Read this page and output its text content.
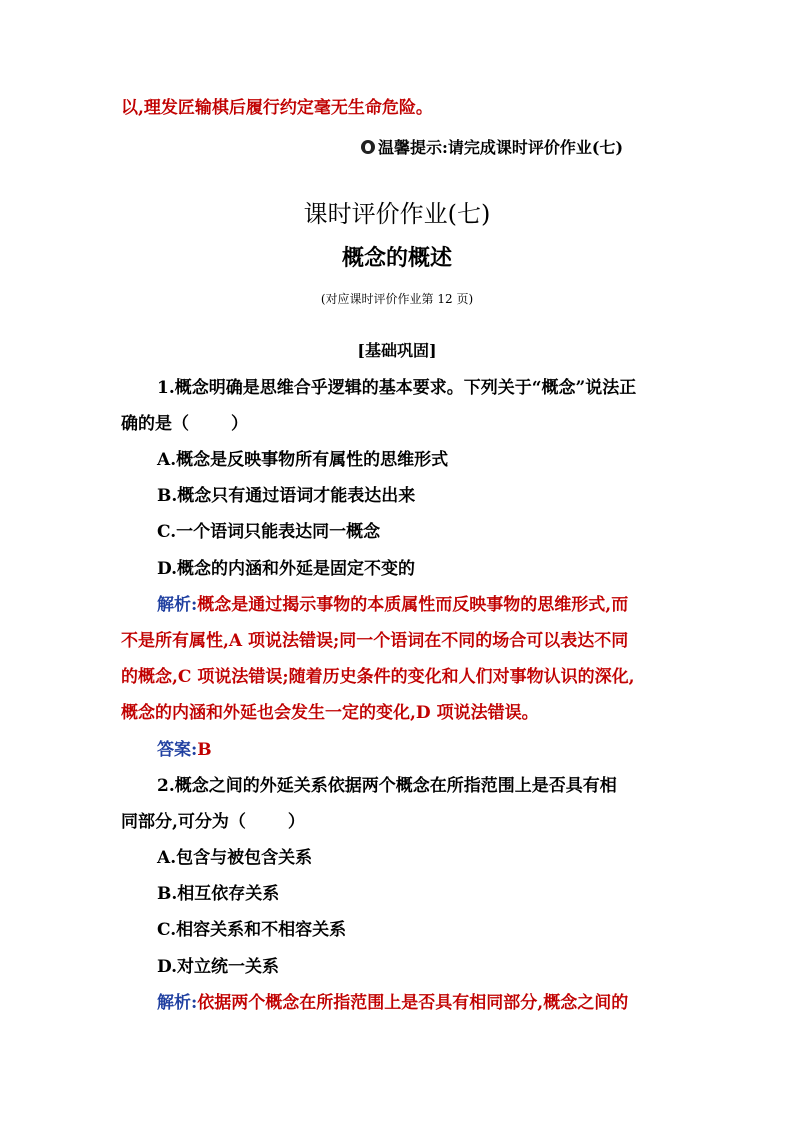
以,理发匠输棋后履行约定毫无生命危险。
温馨提示: 请完成课时评价作业(七)
课时评价作业(七)
概念的概述
(对应课时评价作业第 12 页)
[基础巩固]
1.概念明确是思维合乎逻辑的基本要求。下列关于“概念”说法正
确的是（ ）
A.概念是反映事物所有属性的思维形式
B.概念只有通过语词才能表达出来
C.一个语词只能表达同一概念
D.概念的内涵和外延是固定不变的
解析:概念是通过揭示事物的本质属性而反映事物的思维形式,而
不是所有属性,A 项说法错误;同一个语词在不同的场合可以表达不同
的概念,C 项说法错误;随着历史条件的变化和人们对事物认识的深化,
概念的内涵和外延也会发生一定的变化,D 项说法错误。
答案:B
2.概念之间的外延关系依据两个概念在所指范围上是否具有相
同部分,可分为（ ）
A.包含与被包含关系
B.相互依存关系
C.相容关系和不相容关系
D.对立统一关系
解析:依据两个概念在所指范围上是否具有相同部分,概念之间的
